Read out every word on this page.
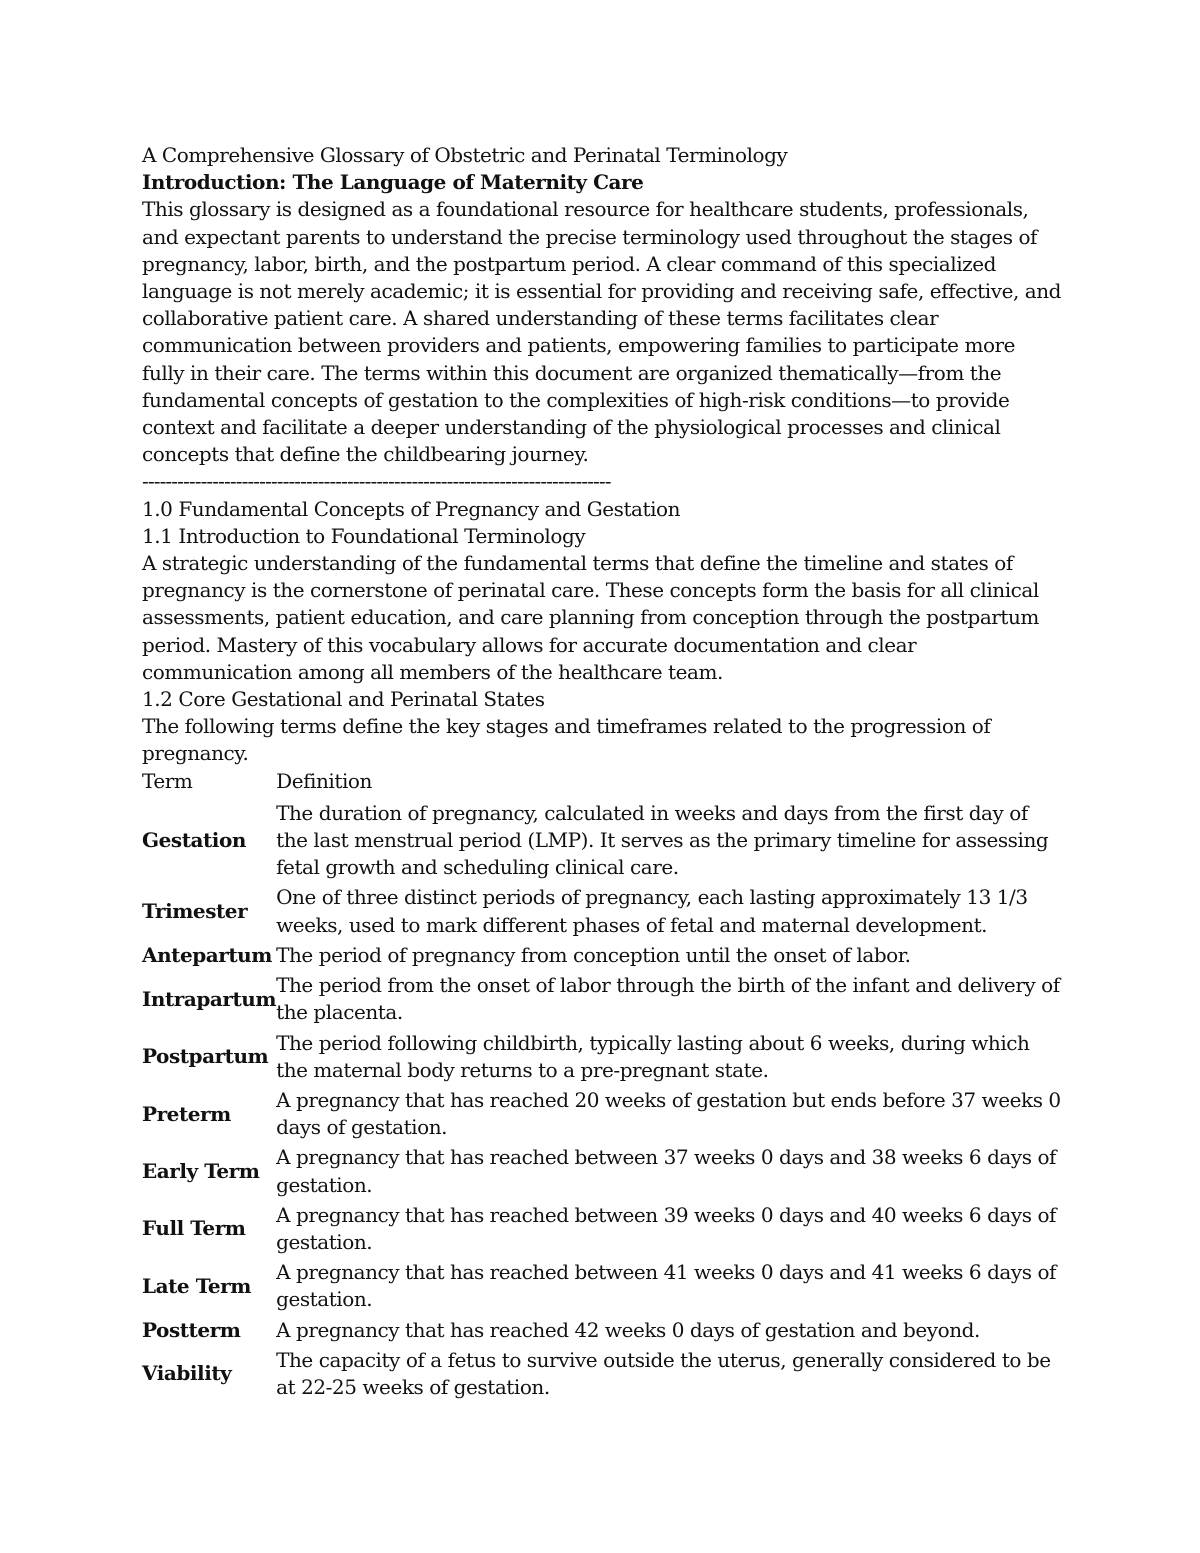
A Comprehensive Glossary of Obstetric and Perinatal Terminology

Introduction: The Language of Maternity Care

This glossary is designed as a foundational resource for healthcare students, professionals, and expectant parents to understand the precise terminology used throughout the stages of pregnancy, labor, birth, and the postpartum period. A clear command of this specialized language is not merely academic; it is essential for providing and receiving safe, effective, and collaborative patient care. A shared understanding of these terms facilitates clear communication between providers and patients, empowering families to participate more fully in their care. The terms within this document are organized thematically—from the fundamental concepts of gestation to the complexities of high-risk conditions—to provide context and facilitate a deeper understanding of the physiological processes and clinical concepts that define the childbearing journey.

--------------------------------------------------------------------------------

1.0 Fundamental Concepts of Pregnancy and Gestation

1.1 Introduction to Foundational Terminology

A strategic understanding of the fundamental terms that define the timeline and states of pregnancy is the cornerstone of perinatal care. These concepts form the basis for all clinical assessments, patient education, and care planning from conception through the postpartum period. Mastery of this vocabulary allows for accurate documentation and clear communication among all members of the healthcare team.

1.2 Core Gestational and Perinatal States

The following terms define the key stages and timeframes related to the progression of pregnancy.

Term	Definition
Gestation	The duration of pregnancy, calculated in weeks and days from the first day of the last menstrual period (LMP). It serves as the primary timeline for assessing fetal growth and scheduling clinical care.
Trimester	One of three distinct periods of pregnancy, each lasting approximately 13 1/3 weeks, used to mark different phases of fetal and maternal development.
Antepartum	The period of pregnancy from conception until the onset of labor.
Intrapartum	The period from the onset of labor through the birth of the infant and delivery of the placenta.
Postpartum	The period following childbirth, typically lasting about 6 weeks, during which the maternal body returns to a pre-pregnant state.
Preterm	A pregnancy that has reached 20 weeks of gestation but ends before 37 weeks 0 days of gestation.
Early Term	A pregnancy that has reached between 37 weeks 0 days and 38 weeks 6 days of gestation.
Full Term	A pregnancy that has reached between 39 weeks 0 days and 40 weeks 6 days of gestation.
Late Term	A pregnancy that has reached between 41 weeks 0 days and 41 weeks 6 days of gestation.
Postterm	A pregnancy that has reached 42 weeks 0 days of gestation and beyond.
Viability	The capacity of a fetus to survive outside the uterus, generally considered to be at 22-25 weeks of gestation.
